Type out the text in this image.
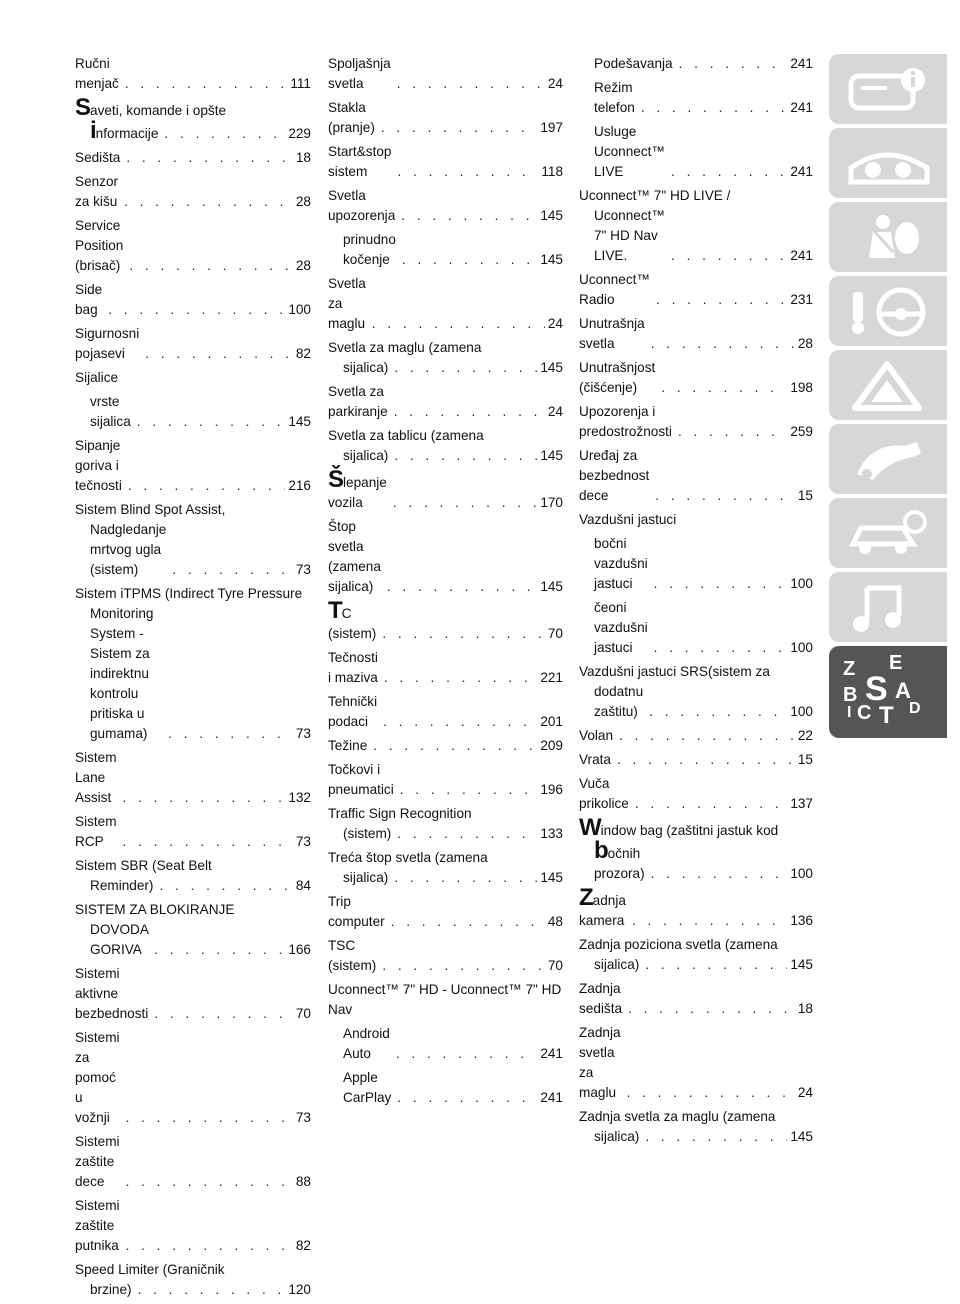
Ručni menjač . . .	111
Saveti, komande i opšte
informacije . . .	229
Sedišta . . .	18
Senzor za kišu . . .	28
Service Position (brisač) . . .	28
Side bag . . .	100
Sigurnosni pojasevi . . .	82
Sijalice
vrste sijalica . . .	145
Sipanje goriva i tečnosti . . .	216
Sistem Blind Spot Assist,
Nadgledanje mrtvog ugla (sistem) . . .	73
Sistem iTPMS (Indirect Tyre Pressure
Monitoring System - Sistem za indirektnu kontrolu pritiska u gumama) . . .	73
Sistem Lane Assist . . .	132
Sistem RCP . . .	73
Sistem SBR (Seat Belt
Reminder) . . .	84
SISTEM ZA BLOKIRANJE
DOVODA GORIVA . . .	166
Sistemi aktivne bezbednosti . . .	70
Sistemi za pomoć u vožnji . . .	73
Sistemi zaštite dece . . .	88
Sistemi zaštite putnika . . .	82
Speed Limiter (Graničnik
brzine) . . .	120
Spoljašnja svetla . . .	24
Stakla (pranje) . . .	197
Start&stop sistem . . .	118
Svetla upozorenja . . .	145
prinudno kočenje . . .	145
Svetla za maglu . . .	24
Svetla za maglu (zamena
sijalica) . . .	145
Svetla za parkiranje . . .	24
Svetla za tablicu (zamena
sijalica) . . .	145
Šlepanje vozila . . .	170
Štop svetla (zamena sijalica) . . .	145
TC (sistem) . . .	70
Tečnosti i maziva . . .	221
Tehnički podaci . . .	201
Težine . . .	209
Točkovi i pneumatici . . .	196
Traffic Sign Recognition
(sistem) . . .	133
Treća štop svetla (zamena
sijalica) . . .	145
Trip computer . . .	48
TSC (sistem) . . .	70
Uconnect™ 7" HD - Uconnect™ 7" HD Nav
Android Auto . . .	241
Apple CarPlay . . .	241
Podešavanja . . .	241
Režim telefon . . .	241
Usluge Uconnect™ LIVE . . .	241
Uconnect™ 7" HD LIVE /
Uconnect™ 7" HD Nav LIVE. . . .	241
Uconnect™ Radio . . .	231
Unutrašnja svetla . . .	28
Unutrašnjost (čišćenje) . . .	198
Upozorenja i predostrožnosti . . .	259
Uređaj za bezbednost dece . . .	15
Vazdušni jastuci
bočni vazdušni jastuci . . .	100
čeoni vazdušni jastuci . . .	100
Vazdušni jastuci SRS(sistem za
dodatnu zaštitu) . . .	100
Volan . . .	22
Vrata . . .	15
Vuča prikolice . . .	137
Window bag (zaštitni jastuk kod
bočnih prozora) . . .	100
Zadnja kamera . . .	136
Zadnja poziciona svetla (zamena
sijalica) . . .	145
Zadnja sedišta . . .	18
Zadnja svetla za maglu . . .	24
Zadnja svetla za maglu (zamena
sijalica) . . .	145
Z E
S A
B
C T D
I
